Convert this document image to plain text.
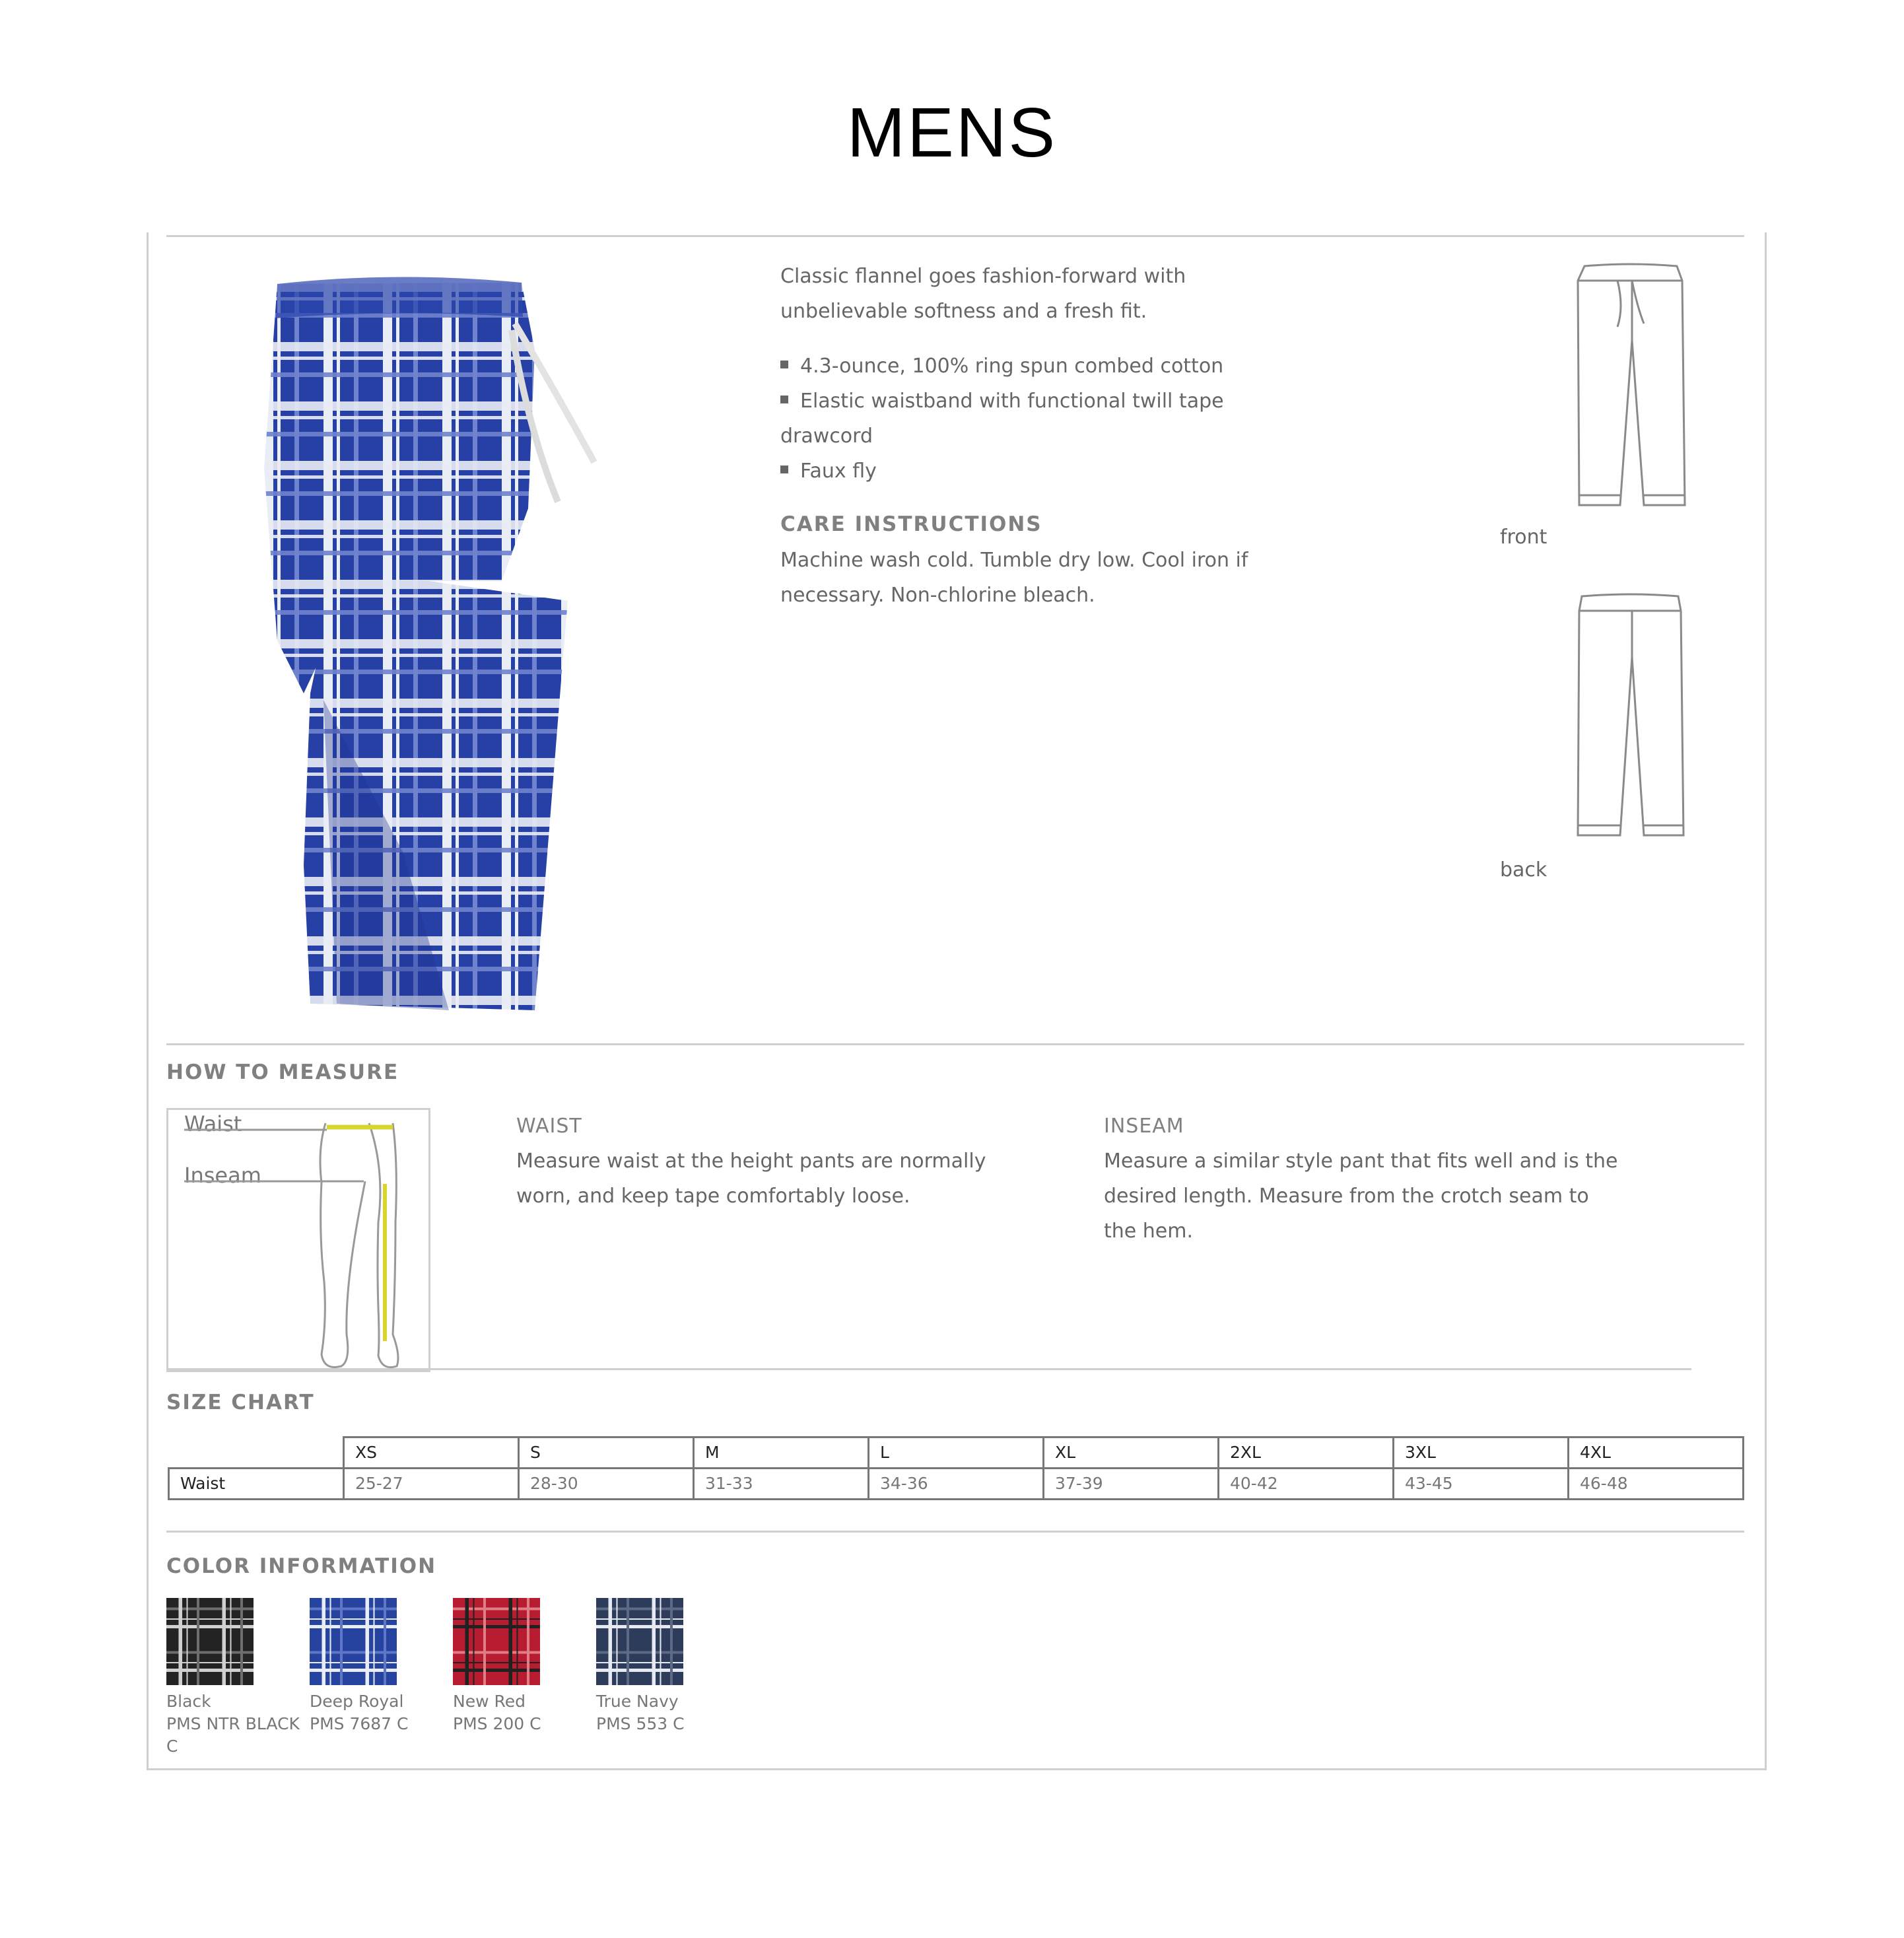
MENS
Classic flannel goes fashion-forward with unbelievable softness and a fresh fit.
4.3-ounce, 100% ring spun combed cotton
Elastic waistband with functional twill tape drawcord
Faux fly
CARE INSTRUCTIONS
Machine wash cold. Tumble dry low. Cool iron if necessary. Non-chlorine bleach.
front
back
HOW TO MEASURE
Waist
Inseam
WAIST
Measure waist at the height pants are normally worn, and keep tape comfortably loose.
INSEAM
Measure a similar style pant that fits well and is the desired length. Measure from the crotch seam to the hem.
SIZE CHART
	XS	S	M	L	XL	2XL	3XL	4XL
Waist	25-27	28-30	31-33	34-36	37-39	40-42	43-45	46-48
COLOR INFORMATION
Black
PMS NTR BLACK C
Deep Royal
PMS 7687 C
New Red
PMS 200 C
True Navy
PMS 553 C
